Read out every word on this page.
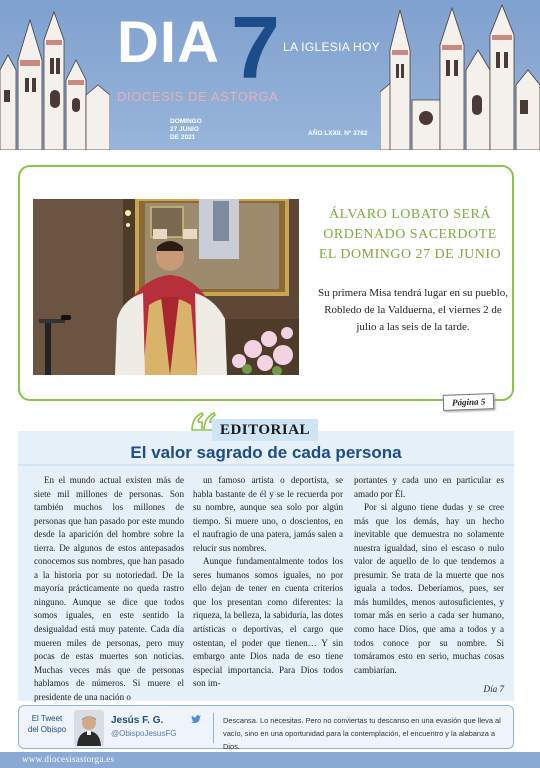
DIA 7 LA IGLESIA HOY
DIOCESIS DE ASTORGA
DOMINGO
27 JUNIO
DE 2021
AÑO LXXII. Nº 3762
ÁLVARO LOBATO SERÁ
ORDENADO SACERDOTE
EL DOMINGO 27 DE JUNIO
Su primera Misa tendrá lugar en su pueblo, Robledo de la Valduerna, el viernes 2 de julio a las seis de la tarde.
Página 5
El valor sagrado de cada persona
EDITORIAL

En el mundo actual existen más de siete mil millones de personas. Son también muchos los millones de personas que han pasado por este mundo desde la aparición del hombre sobre la tierra. De algunos de estos antepasados conocemos sus nombres, que han pasado a la historia por su notoriedad. De la mayoría prácticamente no queda rastro ninguno. Aunque se dice que todos somos iguales, en este sentido la desigualdad está muy patente. Cada día mueren miles de personas, pero muy pocas de estas muertes son noticias. Muchas veces más que de personas hablamos de números. Si muere el presidente de una nación o

un famoso artista o deportista, se habla bastante de él y se le recuerda por su nombre, aunque sea solo por algún tiempo. Si muere uno, o doscientos, en el naufragio de una patera, jamás salen a relucir sus nombres.

Aunque fundamentalmente todos los seres humanos somos iguales, no por ello dejan de tener en cuenta criterios que los presentan como diferentes: la riqueza, la belleza, la sabiduría, las dotes artísticas o deportivas, el cargo que ostentan, el poder que tienen… Y sin embargo ante Dios nada de eso tiene especial importancia. Para Dios todos son im-

portantes y cada uno en particular es amado por Él.

Por si alguno tiene dudas y se cree más que los demás, hay un hecho inevitable que demuestra no solamente nuestra igualdad, sino el escaso o nulo valor de aquello de lo que tendemos a presumir. Se trata de la muerte que nos iguala a todos. Deberíamos, pues, ser más humildes, menos autosuficientes, y tomar más en serio a cada ser humano, como hace Dios, que ama a todos y a todos conoce por su nombre. Si tomáramos esto en serio, muchas cosas cambiarían.

Día 7
El Tweet
del Obispo
Jesús F. G.
@ObispoJesusFG
Descansa. Lo necesitas. Pero no conviertas tu descanso en una evasión que lleva al vacío, sino en una oportunidad para la contemplación, el encuentro y la alabanza a Dios.
www.diocesisastorga.es
